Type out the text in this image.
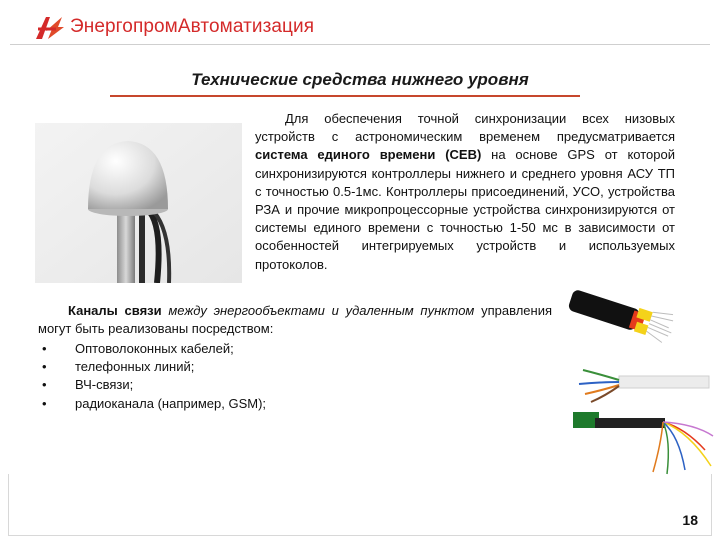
ЭнергопромАвтоматизация
Технические средства нижнего уровня
Для обеспечения точной синхронизации всех низовых устройств с астрономическим временем предусматривается система единого времени (СЕВ) на основе GPS от которой синхронизируются контроллеры нижнего и среднего уровня АСУ ТП с точностью 0.5-1мс. Контроллеры присоединений, УСО, устройства РЗА и прочие микропроцессорные устройства синхронизируются от системы единого времени с точностью 1-50 мс в зависимости от особенностей интегрируемых устройств и используемых протоколов.
Каналы связи между энергообъектами и удаленным пунктом управления могут быть реализованы посредством:
• Оптоволоконных кабелей;
• телефонных линий;
• ВЧ-связи;
• радиоканала (например, GSM);
18
